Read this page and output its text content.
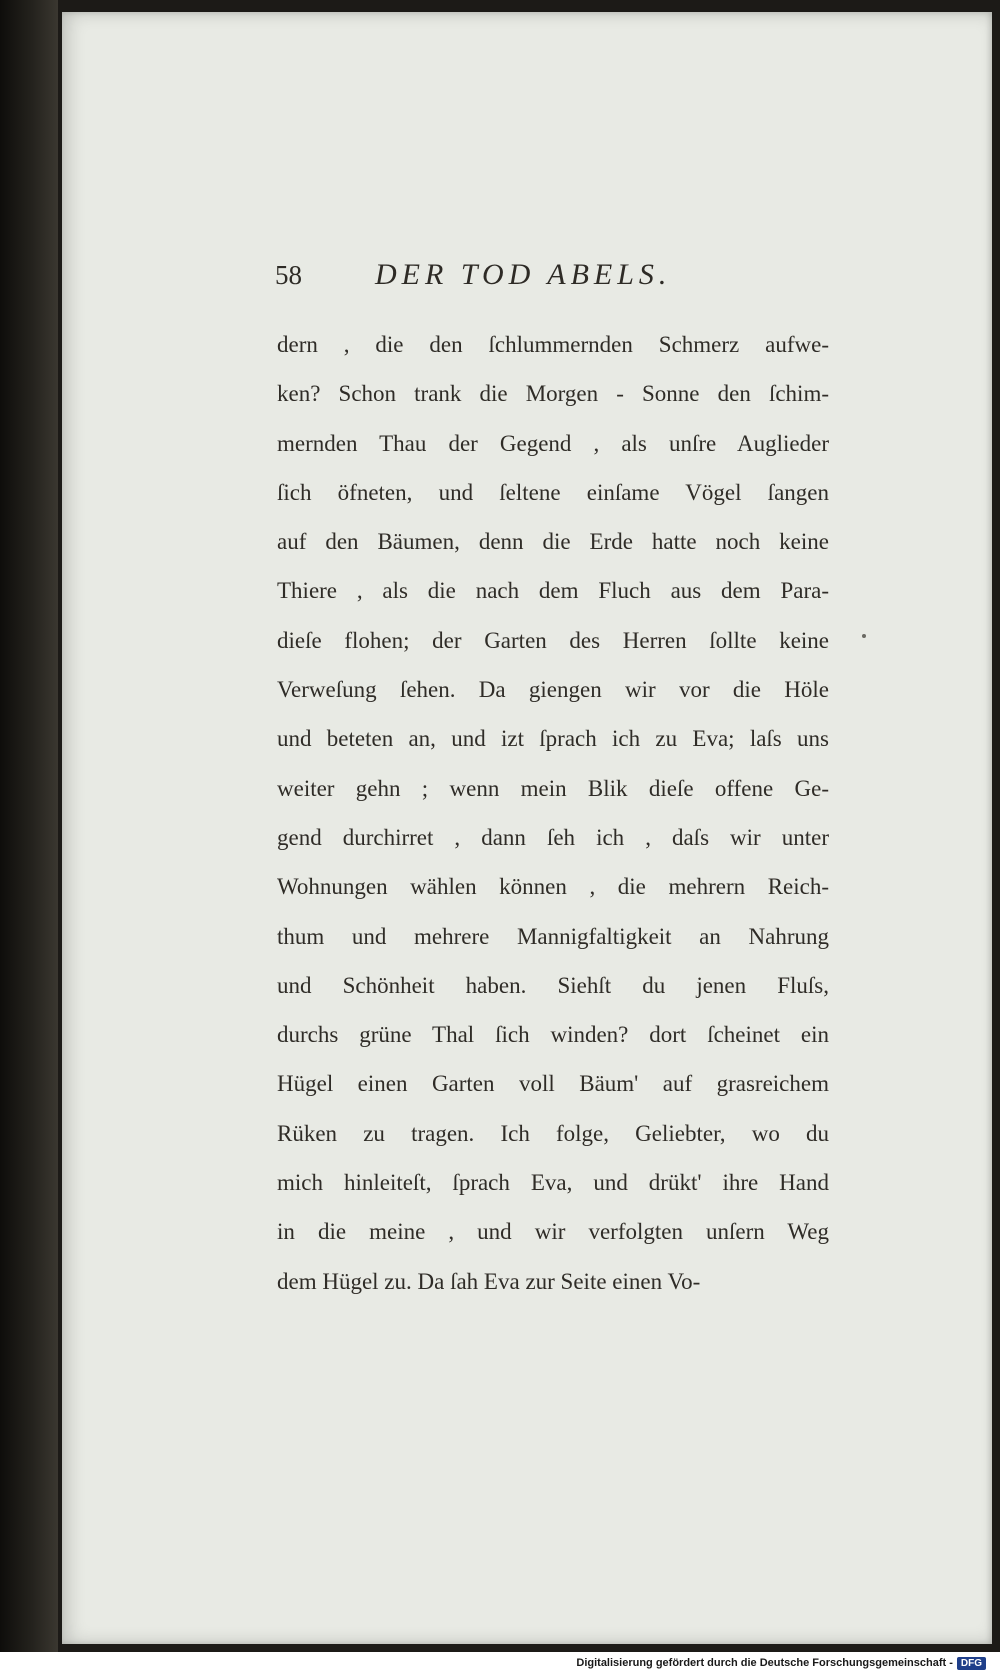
58 DER TOD ABELS.
dern , die den ſchlummernden Schmerz aufwe-
ken? Schon trank die Morgen - Sonne den ſchim-
mernden Thau der Gegend , als unſre Auglieder
ſich öfneten, und ſeltene einſame Vögel ſangen
auf den Bäumen, denn die Erde hatte noch keine
Thiere , als die nach dem Fluch aus dem Para-
dieſe flohen; der Garten des Herren ſollte keine
Verweſung ſehen. Da giengen wir vor die Höle
und beteten an, und izt ſprach ich zu Eva; laſs uns
weiter gehn ; wenn mein Blik dieſe offene Ge-
gend durchirret , dann ſeh ich , daſs wir unter
Wohnungen wählen können , die mehrern Reich-
thum und mehrere Mannigfaltigkeit an Nahrung
und Schönheit haben. Siehſt du jenen Fluſs,
durchs grüne Thal ſich winden? dort ſcheinet ein
Hügel einen Garten voll Bäum' auf grasreichem
Rüken zu tragen. Ich folge, Geliebter, wo du
mich hinleiteſt, ſprach Eva, und drükt' ihre Hand
in die meine , und wir verfolgten unſern Weg
dem Hügel zu. Da ſah Eva zur Seite einen Vo-
Digitalisierung gefördert durch die Deutsche Forschungsgemeinschaft - DFG
